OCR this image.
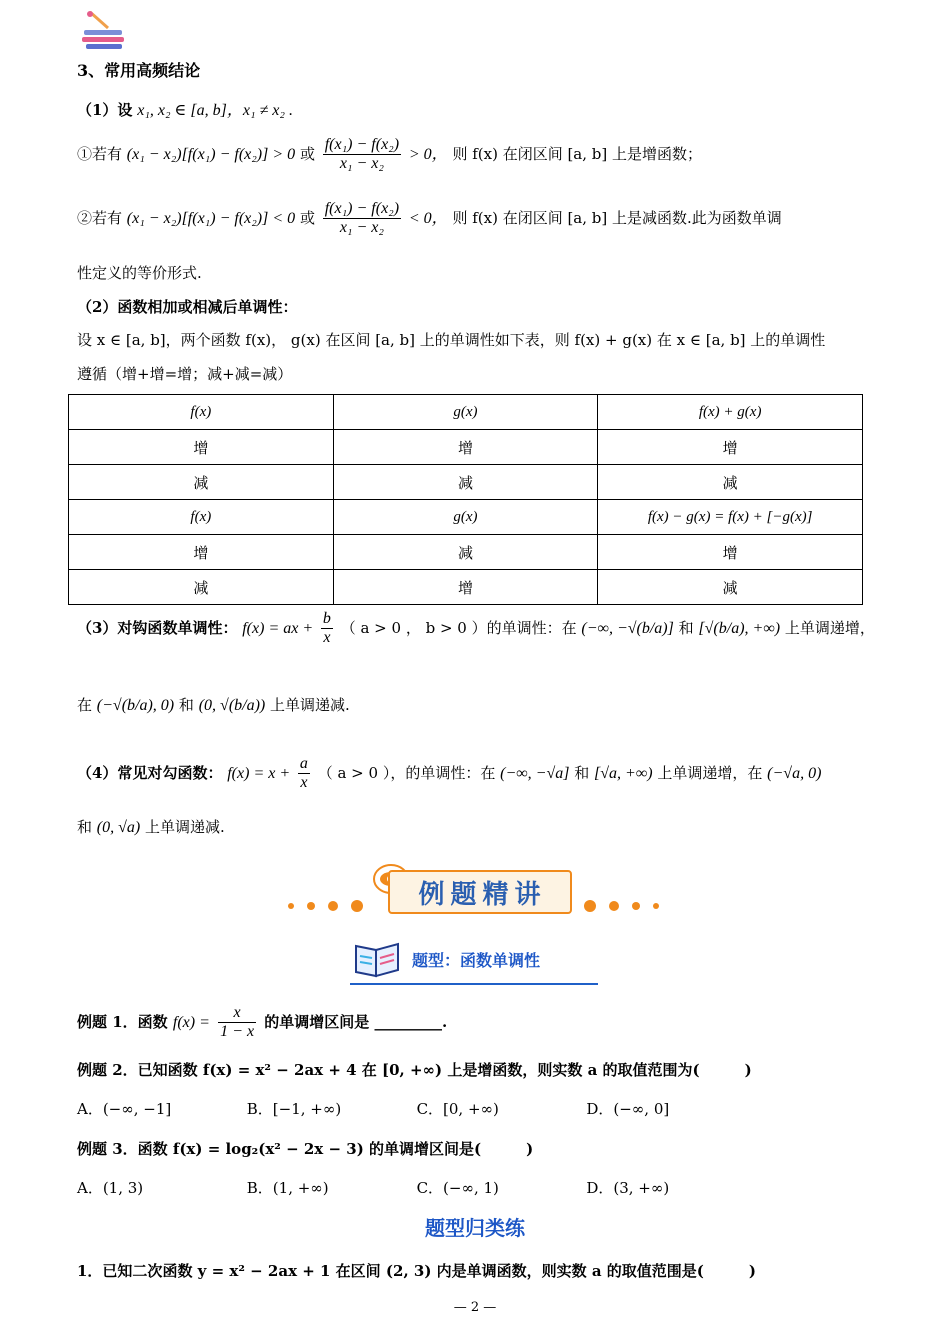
3、常用高频结论
（1）设 x₁, x₂ ∈ [a, b]，x₁ ≠ x₂ .
①若有 (x₁ − x₂)[f(x₁) − f(x₂)] > 0 或 $\frac{\text{f(x₁) − f(x₂)}}{\text{x₁ − x₂}} > 0$， 则 f(x) 在闭区间 [a, b] 上是增函数；
②若有 (x₁ − x₂)[f(x₁) − f(x₂)] < 0 或 $\frac{\text{f(x₁) − f(x₂)}}{\text{x₁ − x₂}} < 0$， 则 f(x) 在闭区间 [a, b] 上是减函数.此为函数单调
性定义的等价形式.
（2）函数相加或相减后单调性：
设 x ∈ [a, b]，两个函数 f(x)， g(x) 在区间 [a, b] 上的单调性如下表，则 f(x) + g(x) 在 x ∈ [a, b] 上的单调性
遵循（增+增=增；减+减=减）
f(x)	g(x)	f(x) + g(x)
增	增	增
减	减	减
f(x)	g(x)	f(x) − g(x) = f(x) + [−g(x)]
增	减	增
减	增	减
（3）对钩函数单调性： f(x) = ax + $\frac{b}{x}$ （ a > 0 ， b > 0 ）的单调性：在 (−∞, −√(b/a)] 和 [√(b/a), +∞) 上单调递增，
在 (−√(b/a), 0) 和 (0, √(b/a)) 上单调递减.
（4）常见对勾函数： $f(x) = x + \frac{a}{x}$ （ a > 0 ），的单调性：在 (−∞, −√a] 和 [√a, +∞) 上单调递增，在 (−√a, 0)
和 (0, √a) 上单调递减.
例题精讲
题型：函数单调性
例题 1．函数 $f(x) = \frac{x}{1 - x}$ 的单调增区间是 _________.
例题 2．已知函数 f(x) = x² − 2ax + 4 在 [0, +∞) 上是增函数，则实数 a 的取值范围为(　　　)
A．(−∞, −1]	B．[−1, +∞)	C．[0, +∞)	D．(−∞, 0]
例题 3．函数 f(x) = log₂(x² − 2x − 3) 的单调增区间是(　　　)
A．(1, 3)	B．(1, +∞)	C．(−∞, 1)	D．(3, +∞)
题型归类练
1．已知二次函数 y = x² − 2ax + 1 在区间 (2, 3) 内是单调函数，则实数 a 的取值范围是(　　　)
— 2 —
